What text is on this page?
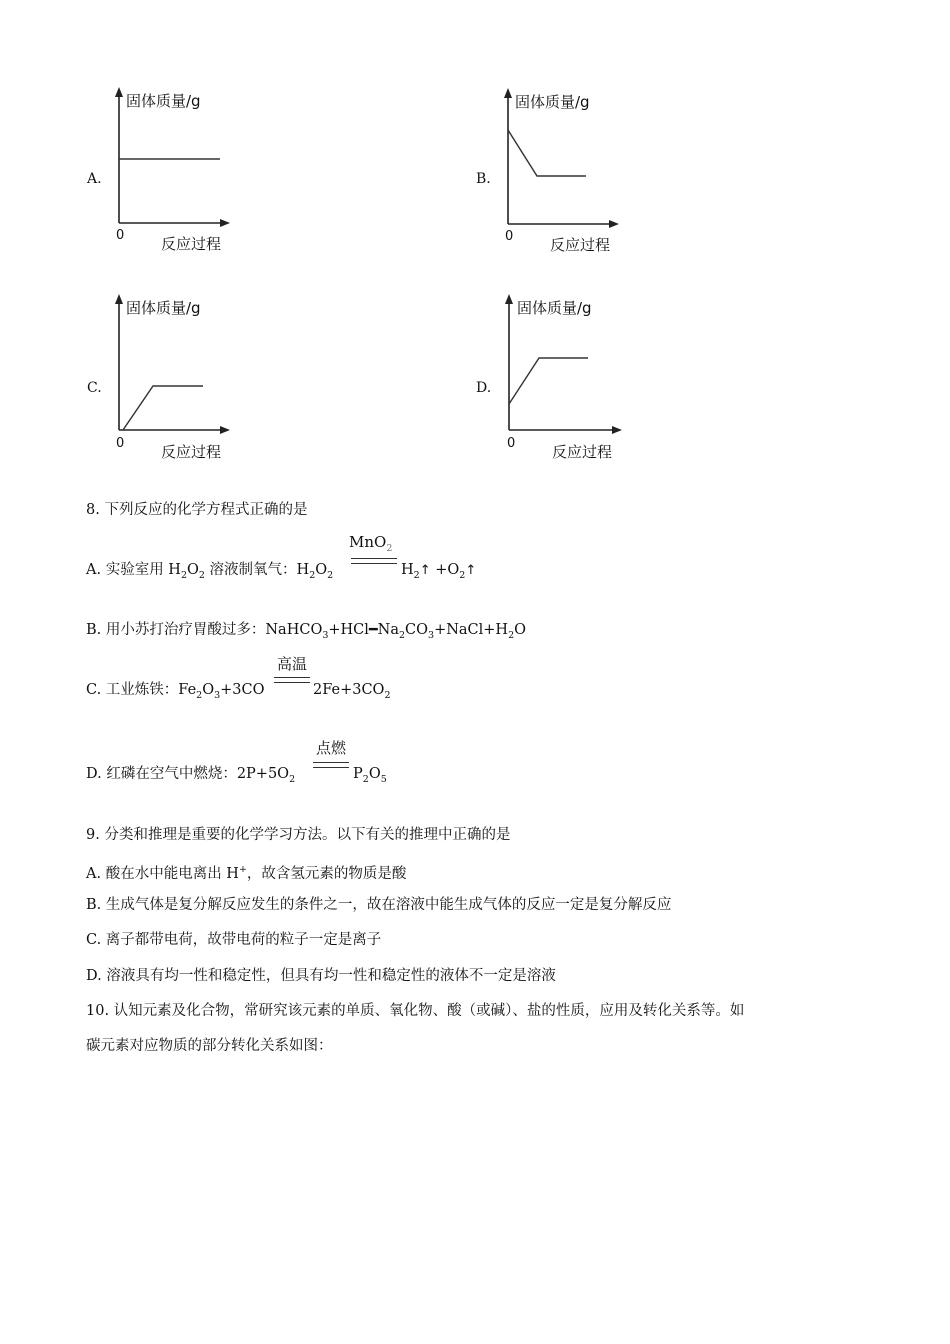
A.
固体质量/g
反应过程
0
B.
固体质量/g
反应过程
0
C.
固体质量/g
反应过程
0
D.
固体质量/g
反应过程
0
8. 下列反应的化学方程式正确的是
A. 实验室用 $H_2O_2$ 溶液制氧气：$H_2O_2$
MnO$_2$
$H_2↑$ $+O_2↑$
B. 用小苏打治疗胃酸过多：$NaHCO_3+HCl━Na_2CO_3+NaCl+H_2O$
C. 工业炼铁：$Fe_2O_3+3CO$
高温
$2Fe+3CO_2$
D. 红磷在空气中燃烧：$2P+5O_2$
点燃
$P_2O_5$
9. 分类和推理是重要的化学学习方法。以下有关的推理中正确的是
A. 酸在水中能电离出 H+，故含氢元素的物质是酸
B. 生成气体是复分解反应发生的条件之一，故在溶液中能生成气体的反应一定是复分解反应
C. 离子都带电荷，故带电荷的粒子一定是离子
D. 溶液具有均一性和稳定性，但具有均一性和稳定性的液体不一定是溶液
10. 认知元素及化合物，常研究该元素的单质、氧化物、酸（或碱）、盐的性质，应用及转化关系等。如
碳元素对应物质的部分转化关系如图：
